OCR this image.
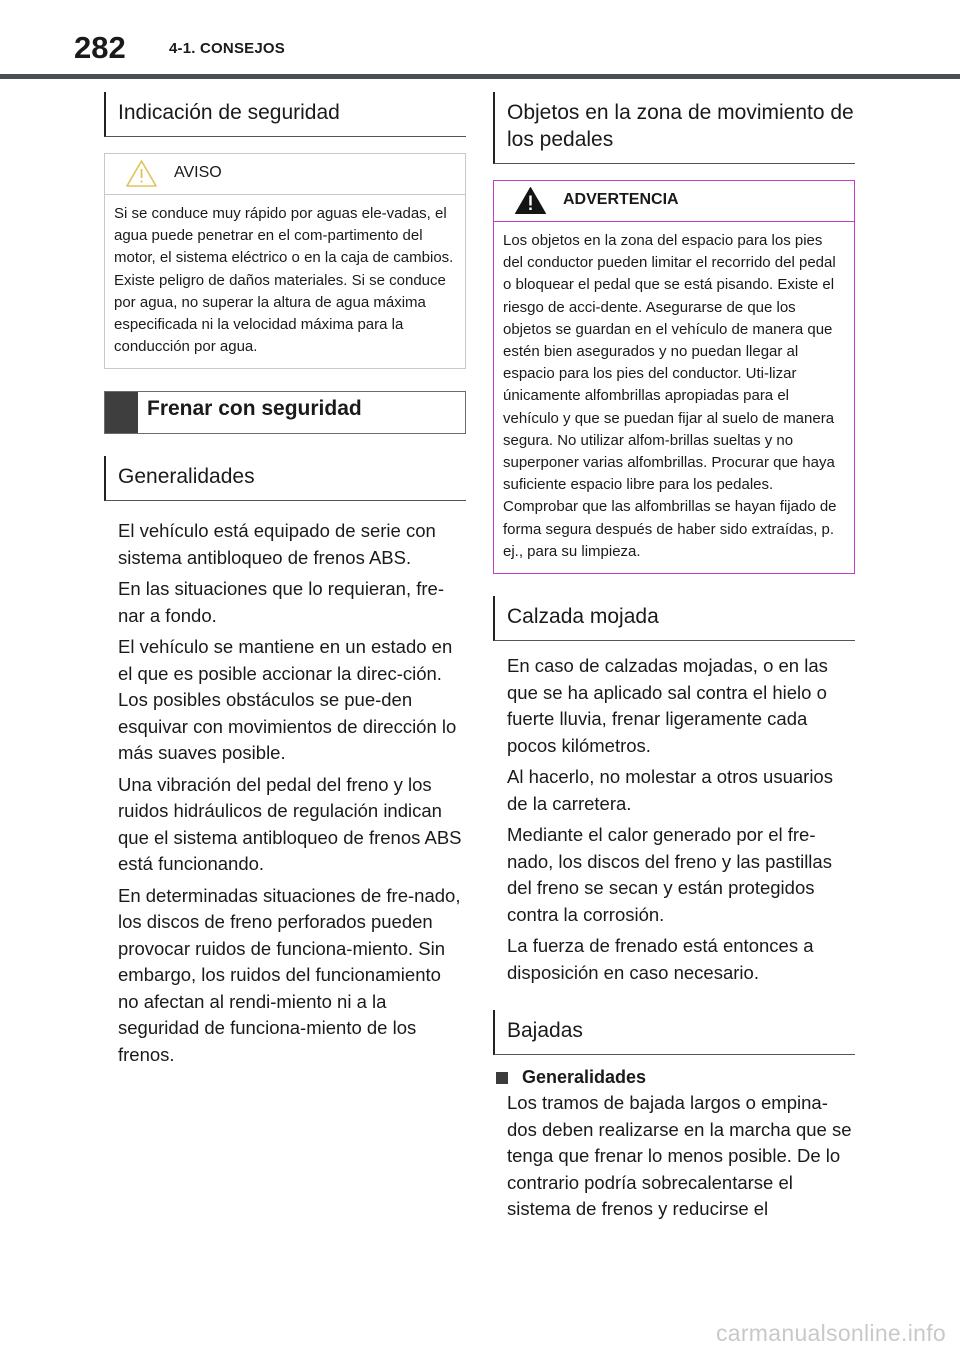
282	4-1. CONSEJOS
Indicación de seguridad
AVISO
Si se conduce muy rápido por aguas ele-vadas, el agua puede penetrar en el com-partimento del motor, el sistema eléctrico o en la caja de cambios. Existe peligro de daños materiales. Si se conduce por agua, no superar la altura de agua máxima especificada ni la velocidad máxima para la conducción por agua.
Frenar con seguridad
Generalidades

El vehículo está equipado de serie con sistema antibloqueo de frenos ABS.

En las situaciones que lo requieran, fre-nar a fondo.

El vehículo se mantiene en un estado en el que es posible accionar la direc-ción. Los posibles obstáculos se pue-den esquivar con movimientos de dirección lo más suaves posible.

Una vibración del pedal del freno y los ruidos hidráulicos de regulación indican que el sistema antibloqueo de frenos ABS está funcionando.

En determinadas situaciones de fre-nado, los discos de freno perforados pueden provocar ruidos de funciona-miento. Sin embargo, los ruidos del funcionamiento no afectan al rendi-miento ni a la seguridad de funciona-miento de los frenos.

Objetos en la zona de movimiento de los pedales
ADVERTENCIA
Los objetos en la zona del espacio para los pies del conductor pueden limitar el recorrido del pedal o bloquear el pedal que se está pisando. Existe el riesgo de acci-dente. Asegurarse de que los objetos se guardan en el vehículo de manera que estén bien asegurados y no puedan llegar al espacio para los pies del conductor. Uti-lizar únicamente alfombrillas apropiadas para el vehículo y que se puedan fijar al suelo de manera segura. No utilizar alfom-brillas sueltas y no superponer varias alfombrillas. Procurar que haya suficiente espacio libre para los pedales. Comprobar que las alfombrillas se hayan fijado de forma segura después de haber sido extraídas, p. ej., para su limpieza.
Calzada mojada

En caso de calzadas mojadas, o en las que se ha aplicado sal contra el hielo o fuerte lluvia, frenar ligeramente cada pocos kilómetros.

Al hacerlo, no molestar a otros usuarios de la carretera.

Mediante el calor generado por el fre-nado, los discos del freno y las pastillas del freno se secan y están protegidos contra la corrosión.

La fuerza de frenado está entonces a disposición en caso necesario.

Bajadas
Generalidades

Los tramos de bajada largos o empina-dos deben realizarse en la marcha que se tenga que frenar lo menos posible. De lo contrario podría sobrecalentarse el sistema de frenos y reducirse el

carmanualsonline.info
